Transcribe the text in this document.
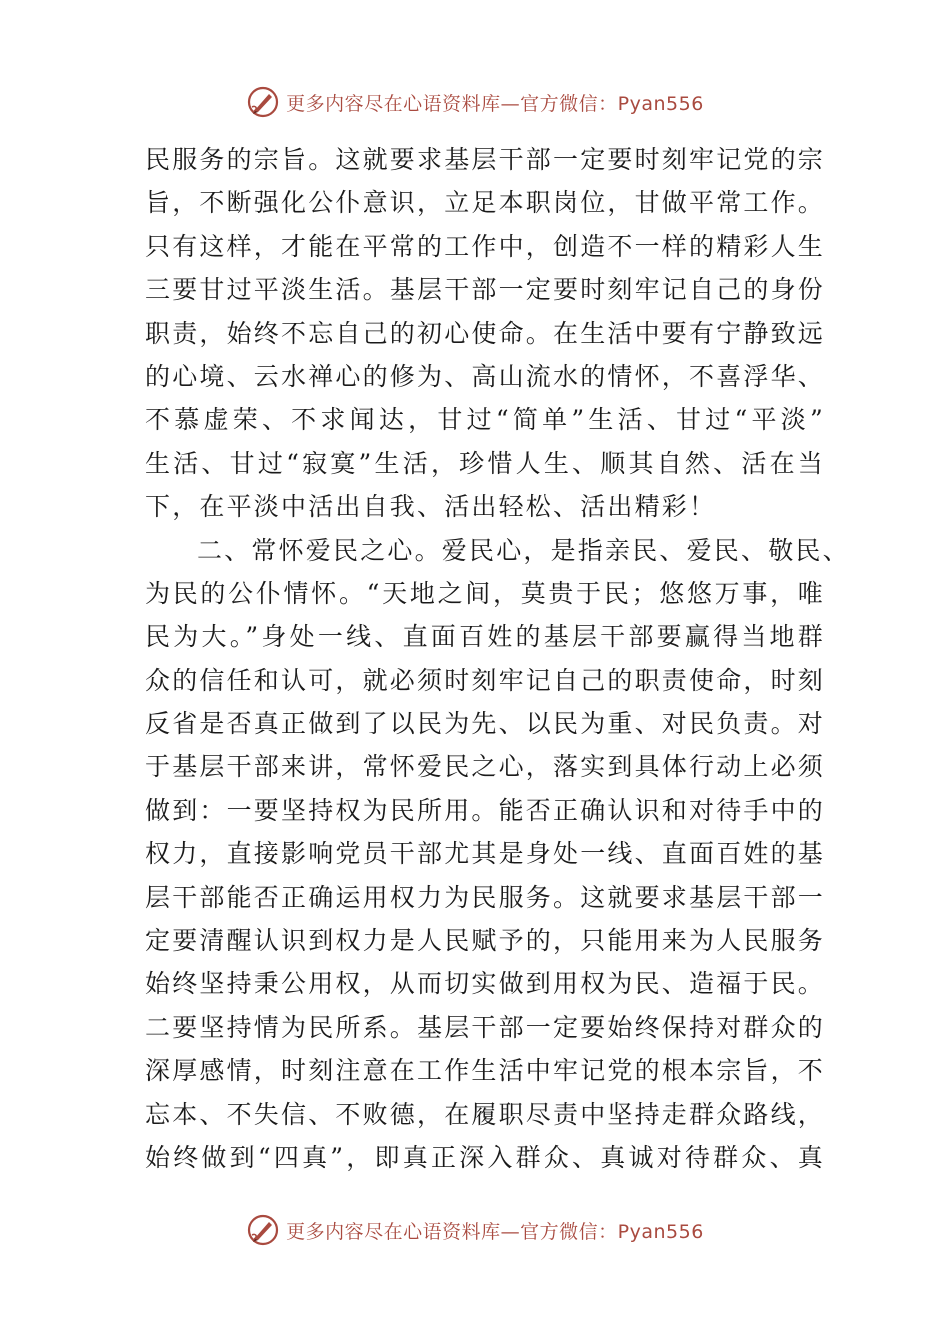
更多内容尽在心语资料库—官方微信：Pyan556
民服务的宗旨。这就要求基层干部一定要时刻牢记党的宗
旨，不断强化公仆意识，立足本职岗位，甘做平常工作。
只有这样，才能在平常的工作中，创造不一样的精彩人生
三要甘过平淡生活。基层干部一定要时刻牢记自己的身份
职责，始终不忘自己的初心使命。在生活中要有宁静致远
的心境、云水禅心的修为、高山流水的情怀，不喜浮华、
不慕虚荣、不求闻达，甘过“简单”生活、甘过“平淡”
生活、甘过“寂寞”生活，珍惜人生、顺其自然、活在当
下，在平淡中活出自我、活出轻松、活出精彩！
二、常怀爱民之心。爱民心，是指亲民、爱民、敬民、
为民的公仆情怀。“天地之间，莫贵于民；悠悠万事，唯
民为大。”身处一线、直面百姓的基层干部要赢得当地群
众的信任和认可，就必须时刻牢记自己的职责使命，时刻
反省是否真正做到了以民为先、以民为重、对民负责。对
于基层干部来讲，常怀爱民之心，落实到具体行动上必须
做到：一要坚持权为民所用。能否正确认识和对待手中的
权力，直接影响党员干部尤其是身处一线、直面百姓的基
层干部能否正确运用权力为民服务。这就要求基层干部一
定要清醒认识到权力是人民赋予的，只能用来为人民服务
始终坚持秉公用权，从而切实做到用权为民、造福于民。
二要坚持情为民所系。基层干部一定要始终保持对群众的
深厚感情，时刻注意在工作生活中牢记党的根本宗旨，不
忘本、不失信、不败德，在履职尽责中坚持走群众路线，
始终做到“四真”，即真正深入群众、真诚对待群众、真
更多内容尽在心语资料库—官方微信：Pyan556
